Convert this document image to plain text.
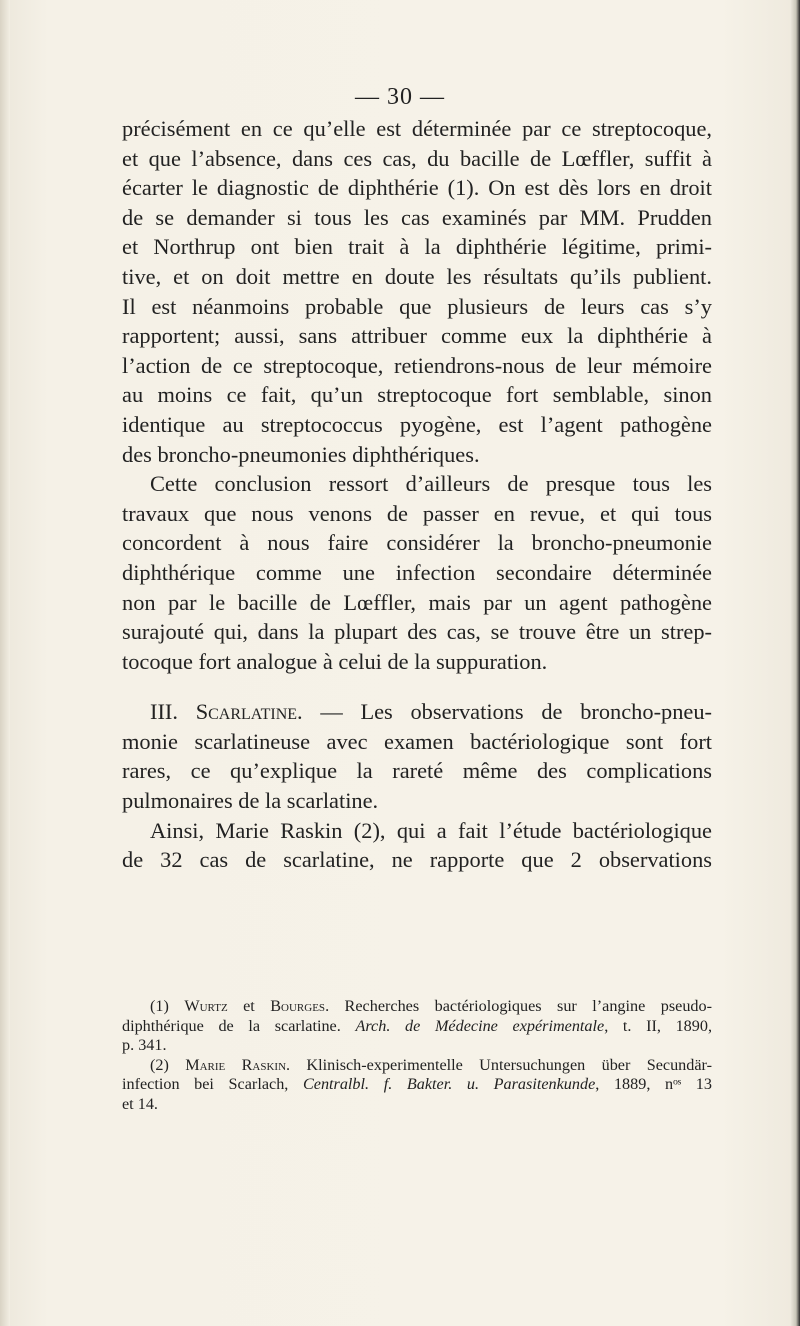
— 30 —
précisément en ce qu’elle est déterminée par ce streptocoque,
et que l’absence, dans ces cas, du bacille de Lœffler, suffit à
écarter le diagnostic de diphthérie (1). On est dès lors en droit
de se demander si tous les cas examinés par MM. Prudden
et Northrup ont bien trait à la diphthérie légitime, primi-
tive, et on doit mettre en doute les résultats qu’ils publient.
Il est néanmoins probable que plusieurs de leurs cas s’y
rapportent; aussi, sans attribuer comme eux la diphthérie à
l’action de ce streptocoque, retiendrons-nous de leur mémoire
au moins ce fait, qu’un streptocoque fort semblable, sinon
identique au streptococcus pyogène, est l’agent pathogène
des broncho-pneumonies diphthériques.
Cette conclusion ressort d’ailleurs de presque tous les
travaux que nous venons de passer en revue, et qui tous
concordent à nous faire considérer la broncho-pneumonie
diphthérique comme une infection secondaire déterminée
non par le bacille de Lœffler, mais par un agent pathogène
surajouté qui, dans la plupart des cas, se trouve être un strep-
tocoque fort analogue à celui de la suppuration.
III. Scarlatine. — Les observations de broncho-pneu-
monie scarlatineuse avec examen bactériologique sont fort
rares, ce qu’explique la rareté même des complications
pulmonaires de la scarlatine.
Ainsi, Marie Raskin (2), qui a fait l’étude bactériologique
de 32 cas de scarlatine, ne rapporte que 2 observations
(1) Wurtz et Bourges. Recherches bactériologiques sur l’angine pseudo-
diphthérique de la scarlatine. Arch. de Médecine expérimentale, t. II, 1890,
p. 341.
(2) Marie Raskin. Klinisch-experimentelle Untersuchungen über Secundär-
infection bei Scarlach, Centralbl. f. Bakter. u. Parasitenkunde, 1889, nᵒˢ 13
et 14.
